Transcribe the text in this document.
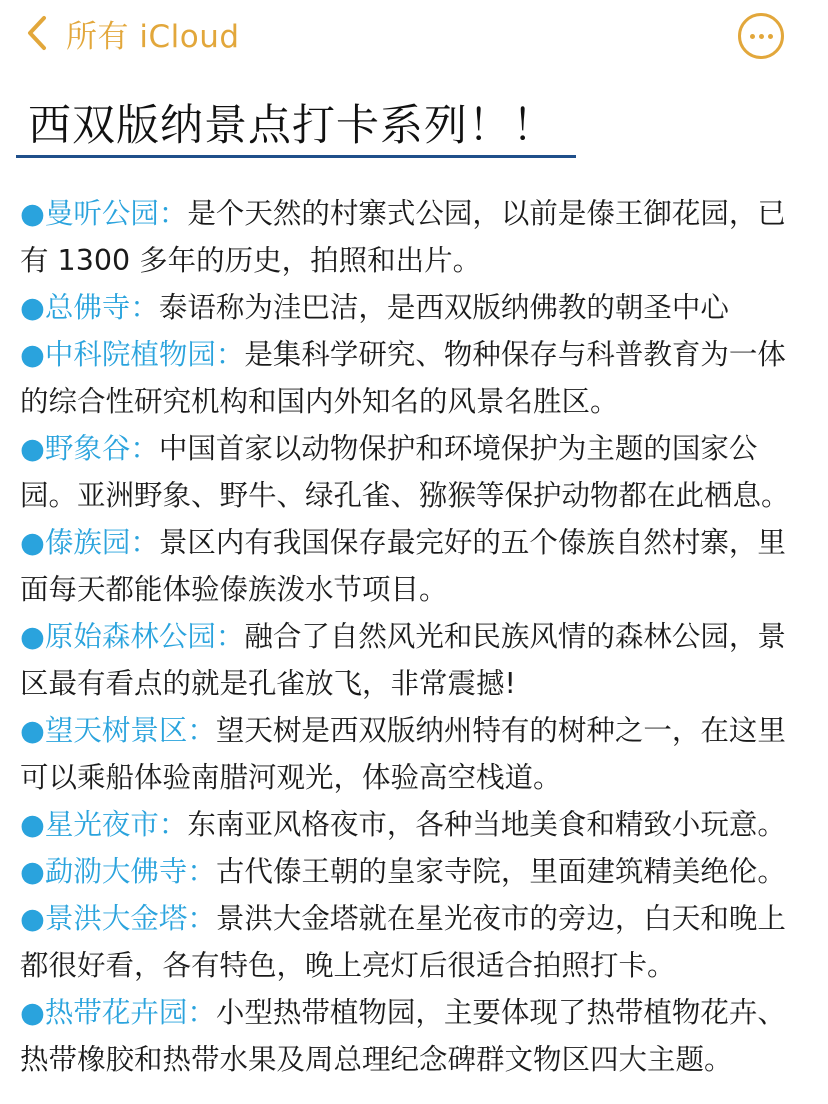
所有 iCloud
西双版纳景点打卡系列！！

●曼听公园：是个天然的村寨式公园，以前是傣王御花园，已有 1300 多年的历史，拍照和出片。

●总佛寺：泰语称为洼巴洁，是西双版纳佛教的朝圣中心

●中科院植物园：是集科学研究、物种保存与科普教育为一体的综合性研究机构和国内外知名的风景名胜区。

●野象谷：中国首家以动物保护和环境保护为主题的国家公园。亚洲野象、野牛、绿孔雀、猕猴等保护动物都在此栖息。

●傣族园：景区内有我国保存最完好的五个傣族自然村寨，里面每天都能体验傣族泼水节项目。

●原始森林公园：融合了自然风光和民族风情的森林公园，景区最有看点的就是孔雀放飞，非常震撼!

●望天树景区：望天树是西双版纳州特有的树种之一，在这里可以乘船体验南腊河观光，体验高空栈道。

●星光夜市：东南亚风格夜市，各种当地美食和精致小玩意。

●勐泐大佛寺：古代傣王朝的皇家寺院，里面建筑精美绝伦。

●景洪大金塔：景洪大金塔就在星光夜市的旁边，白天和晚上都很好看，各有特色，晚上亮灯后很适合拍照打卡。

●热带花卉园：小型热带植物园，主要体现了热带植物花卉、热带橡胶和热带水果及周总理纪念碑群文物区四大主题。
